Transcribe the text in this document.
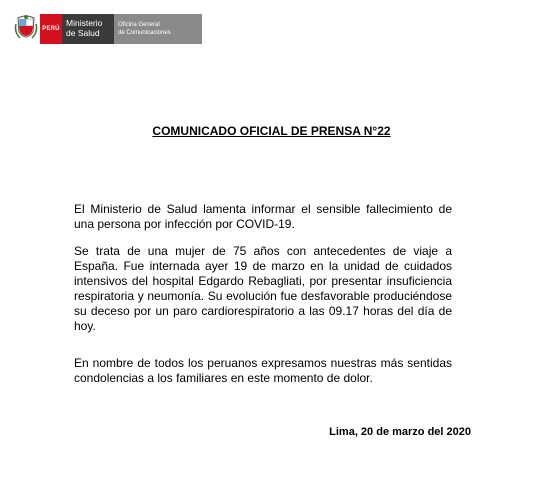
PERÚ
Ministerio
de Salud
Oficina General
de Comunicaciones
COMUNICADO OFICIAL DE PRENSA N°22

El Ministerio de Salud lamenta informar el sensible fallecimiento de una persona por infección por COVID-19.

Se trata de una mujer de 75 años con antecedentes de viaje a España. Fue internada ayer 19 de marzo en la unidad de cuidados intensivos del hospital Edgardo Rebagliati, por presentar insuficiencia respiratoria y neumonía. Su evolución fue desfavorable produciéndose su deceso por un paro cardiorespiratorio a las 09.17 horas del día de hoy.

En nombre de todos los peruanos expresamos nuestras más sentidas condolencias a los familiares en este momento de dolor.

Lima, 20 de marzo del 2020
